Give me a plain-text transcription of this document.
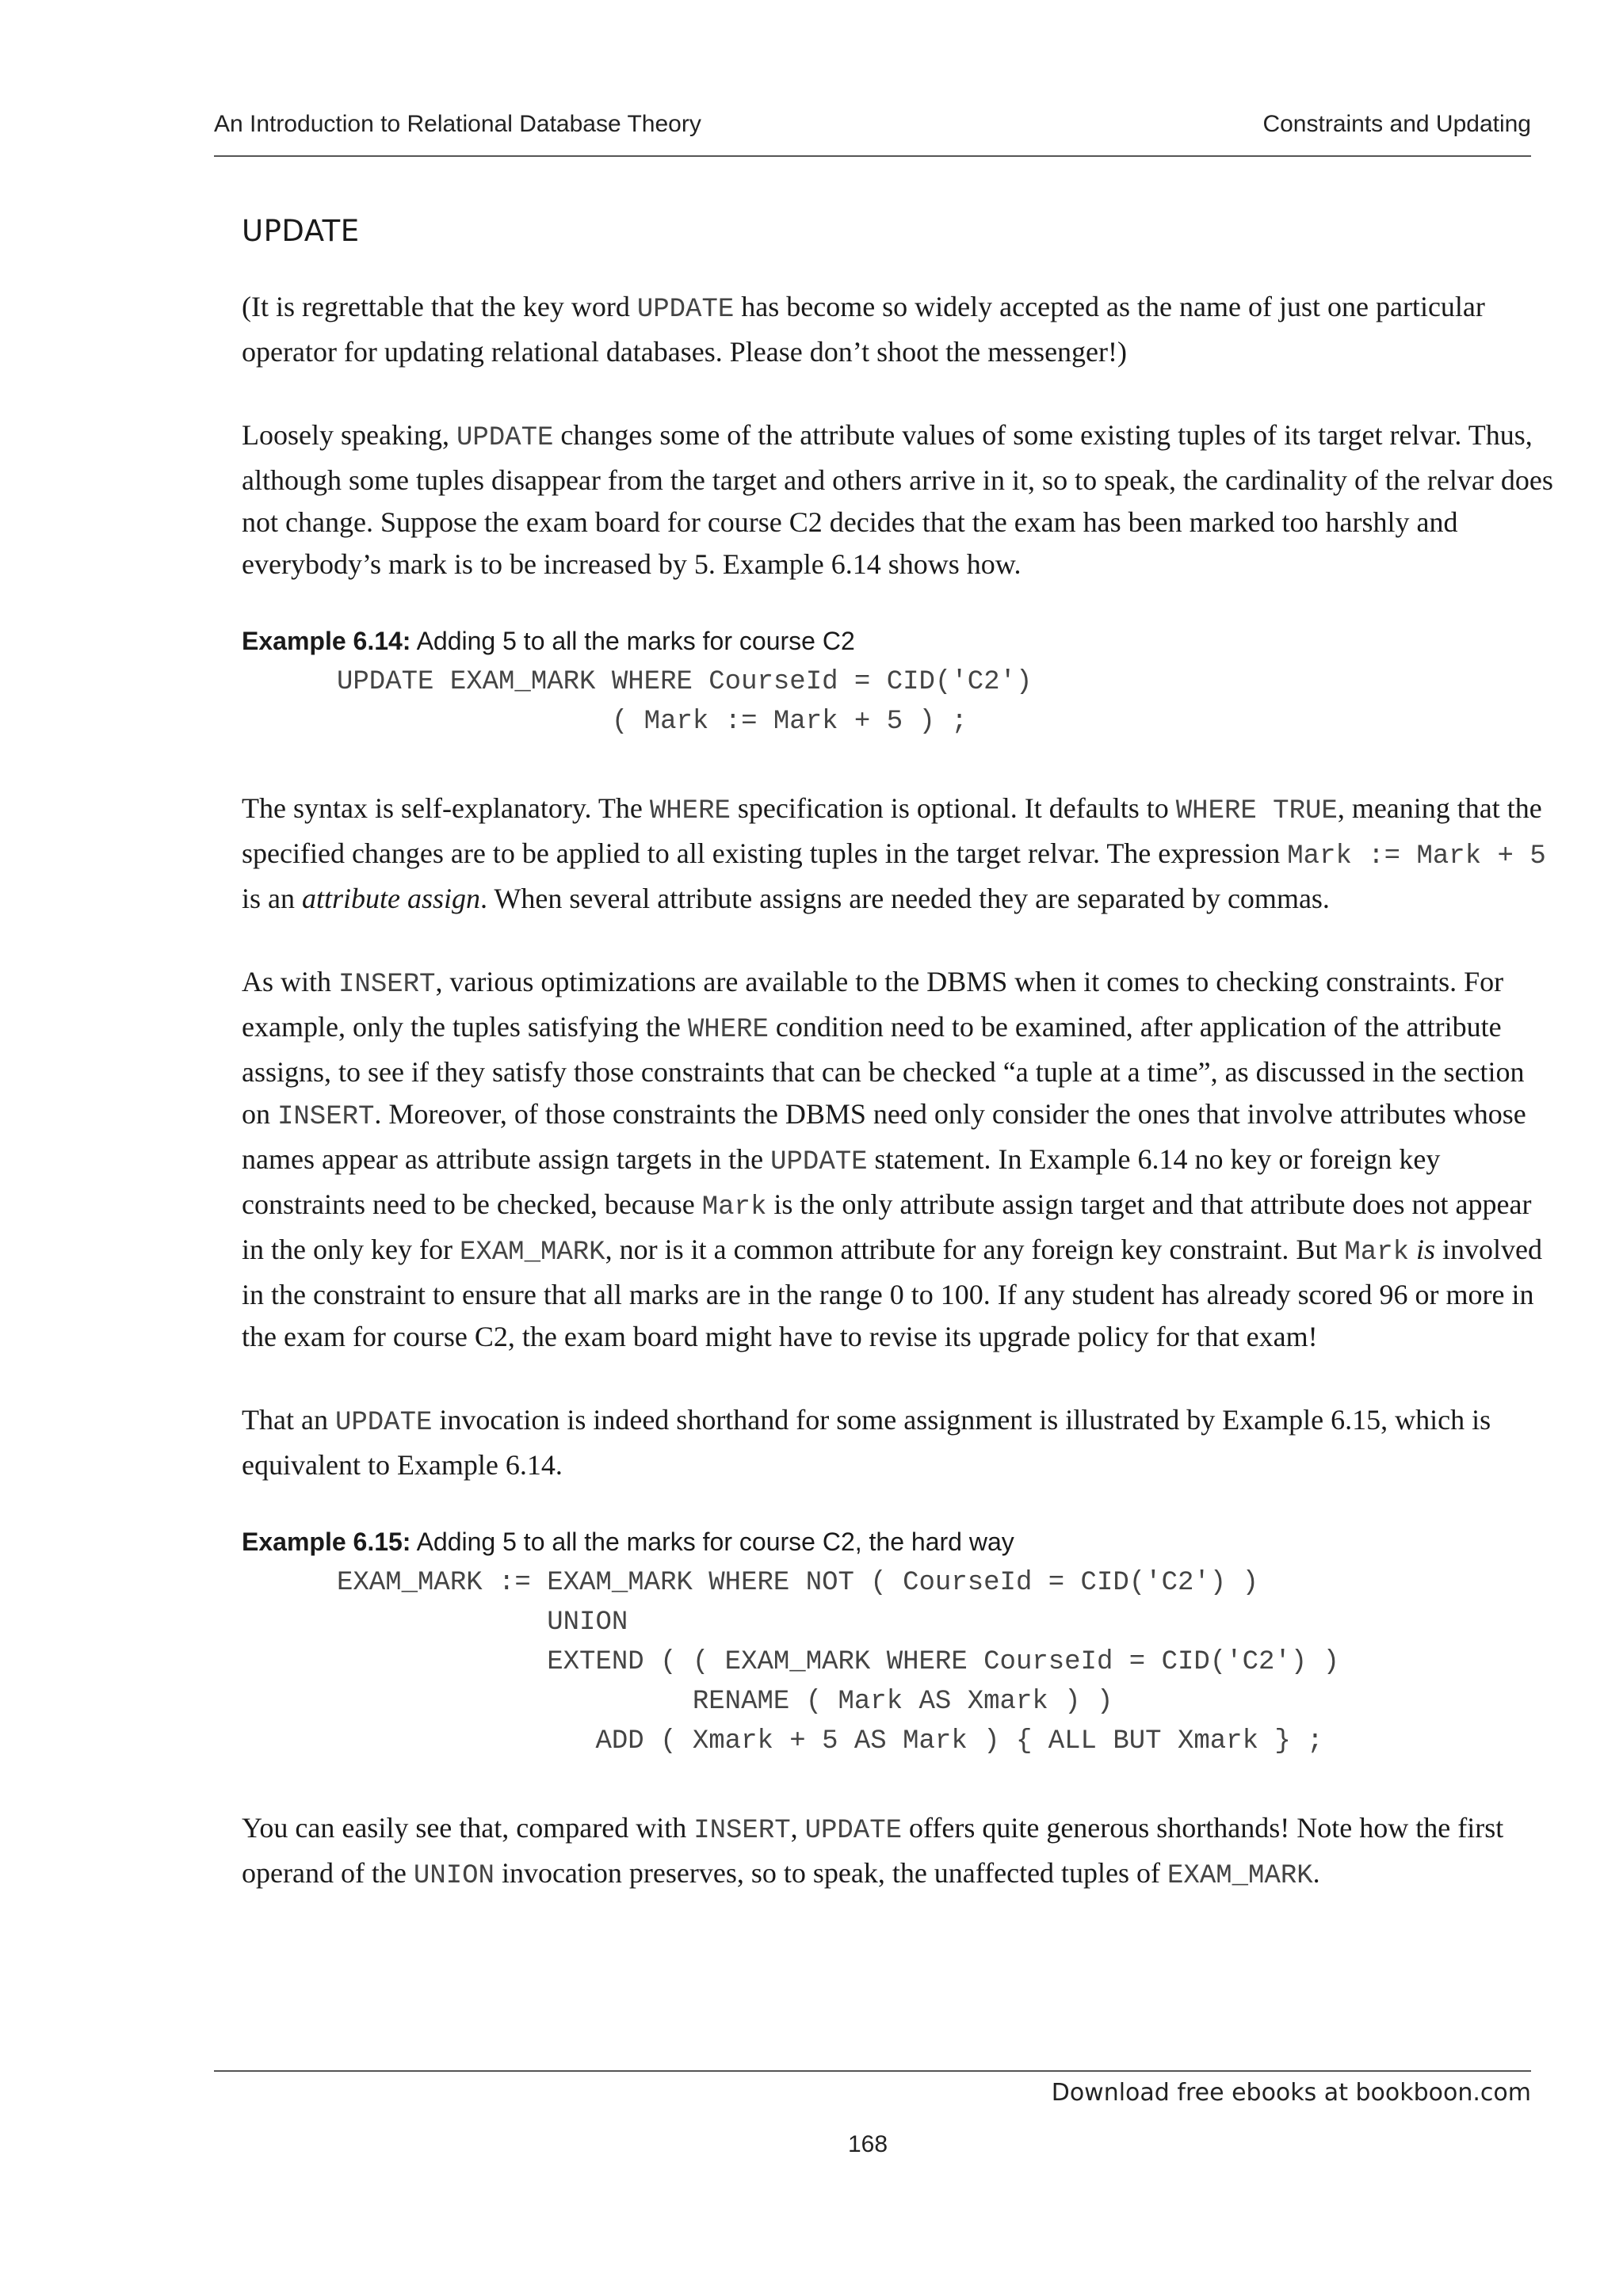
An Introduction to Relational Database Theory	Constraints and Updating
UPDATE

(It is regrettable that the key word UPDATE has become so widely accepted as the name of just one particular operator for updating relational databases. Please don’t shoot the messenger!)

Loosely speaking, UPDATE changes some of the attribute values of some existing tuples of its target relvar. Thus, although some tuples disappear from the target and others arrive in it, so to speak, the cardinality of the relvar does not change. Suppose the exam board for course C2 decides that the exam has been marked too harshly and everybody’s mark is to be increased by 5. Example 6.14 shows how.

Example 6.14: Adding 5 to all the marks for course C2
UPDATE EXAM_MARK WHERE CourseId = CID('C2')
( Mark := Mark + 5 ) ;

The syntax is self-explanatory. The WHERE specification is optional. It defaults to WHERE TRUE, meaning that the specified changes are to be applied to all existing tuples in the target relvar. The expression Mark := Mark + 5 is an attribute assign. When several attribute assigns are needed they are separated by commas.

As with INSERT, various optimizations are available to the DBMS when it comes to checking constraints. For example, only the tuples satisfying the WHERE condition need to be examined, after application of the attribute assigns, to see if they satisfy those constraints that can be checked “a tuple at a time”, as discussed in the section on INSERT. Moreover, of those constraints the DBMS need only consider the ones that involve attributes whose names appear as attribute assign targets in the UPDATE statement. In Example 6.14 no key or foreign key constraints need to be checked, because Mark is the only attribute assign target and that attribute does not appear in the only key for EXAM_MARK, nor is it a common attribute for any foreign key constraint. But Mark is involved in the constraint to ensure that all marks are in the range 0 to 100. If any student has already scored 96 or more in the exam for course C2, the exam board might have to revise its upgrade policy for that exam!

That an UPDATE invocation is indeed shorthand for some assignment is illustrated by Example 6.15, which is equivalent to Example 6.14.

Example 6.15: Adding 5 to all the marks for course C2, the hard way
EXAM_MARK := EXAM_MARK WHERE NOT ( CourseId = CID('C2') )
UNION
EXTEND ( ( EXAM_MARK WHERE CourseId = CID('C2') )
RENAME ( Mark AS Xmark ) )
ADD ( Xmark + 5 AS Mark ) { ALL BUT Xmark } ;

You can easily see that, compared with INSERT, UPDATE offers quite generous shorthands! Note how the first operand of the UNION invocation preserves, so to speak, the unaffected tuples of EXAM_MARK.

Download free ebooks at bookboon.com
168
